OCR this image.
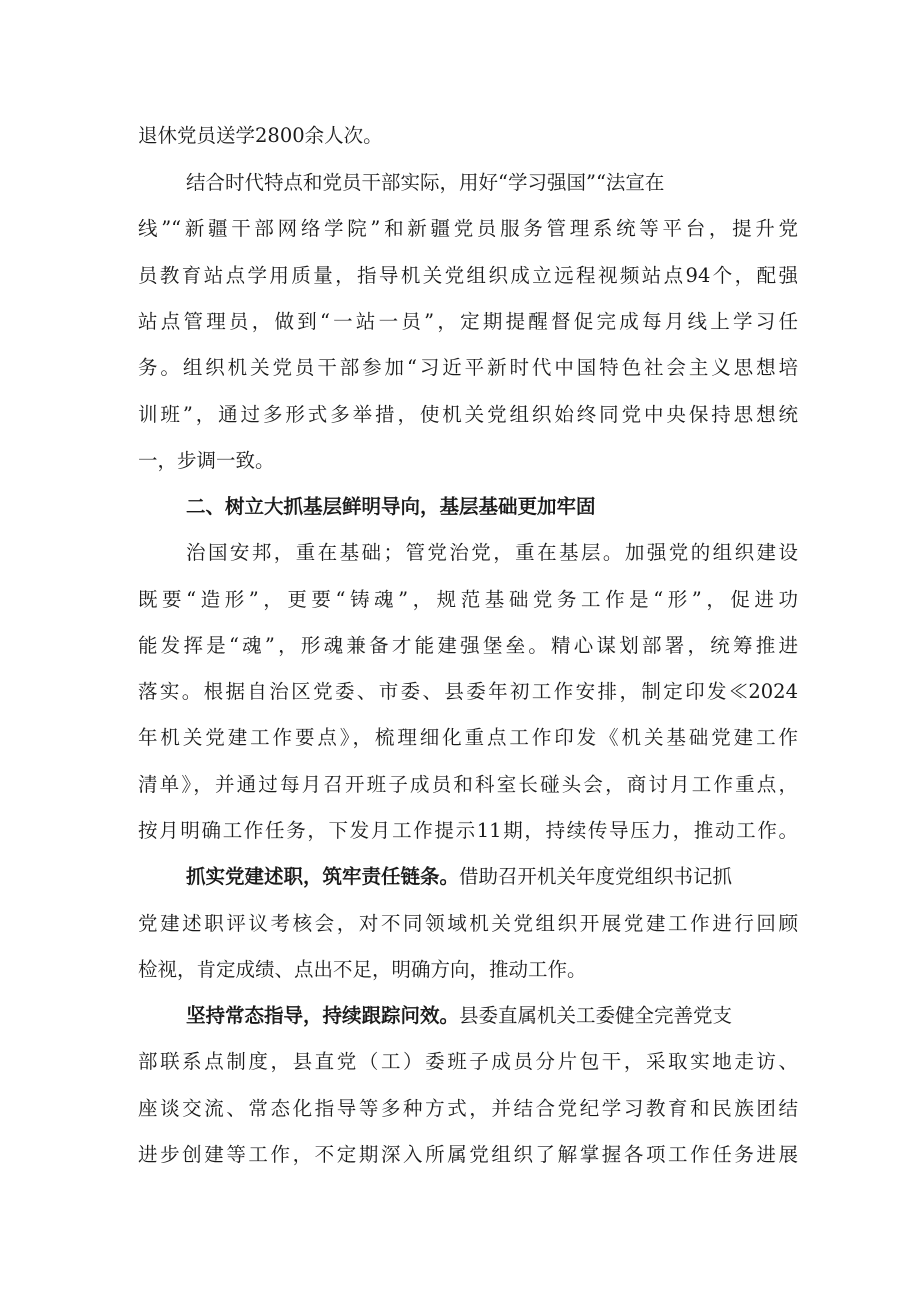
退休党员送学2800余人次。
结合时代特点和党员干部实际，用好“学习强国”“法宣在
线”“新疆干部网络学院”和新疆党员服务管理系统等平台，提升党
员教育站点学用质量，指导机关党组织成立远程视频站点94个，配强
站点管理员，做到“一站一员”，定期提醒督促完成每月线上学习任
务。组织机关党员干部参加“习近平新时代中国特色社会主义思想培
训班”，通过多形式多举措，使机关党组织始终同党中央保持思想统
一，步调一致。
二、树立大抓基层鲜明导向，基层基础更加牢固
治国安邦，重在基础；管党治党，重在基层。加强党的组织建设
既要“造形”，更要“铸魂”，规范基础党务工作是“形”，促进功
能发挥是“魂”，形魂兼备才能建强堡垒。精心谋划部署，统筹推进
落实。根据自治区党委、市委、县委年初工作安排，制定印发≪2024
年机关党建工作要点》，梳理细化重点工作印发《机关基础党建工作
清单》，并通过每月召开班子成员和科室长碰头会，商讨月工作重点，
按月明确工作任务，下发月工作提示11期，持续传导压力，推动工作。
抓实党建述职，筑牢责任链条。借助召开机关年度党组织书记抓
党建述职评议考核会，对不同领域机关党组织开展党建工作进行回顾
检视，肯定成绩、点出不足，明确方向，推动工作。
坚持常态指导，持续跟踪问效。县委直属机关工委健全完善党支
部联系点制度，县直党（工）委班子成员分片包干，采取实地走访、
座谈交流、常态化指导等多种方式，并结合党纪学习教育和民族团结
进步创建等工作，不定期深入所属党组织了解掌握各项工作任务进展
